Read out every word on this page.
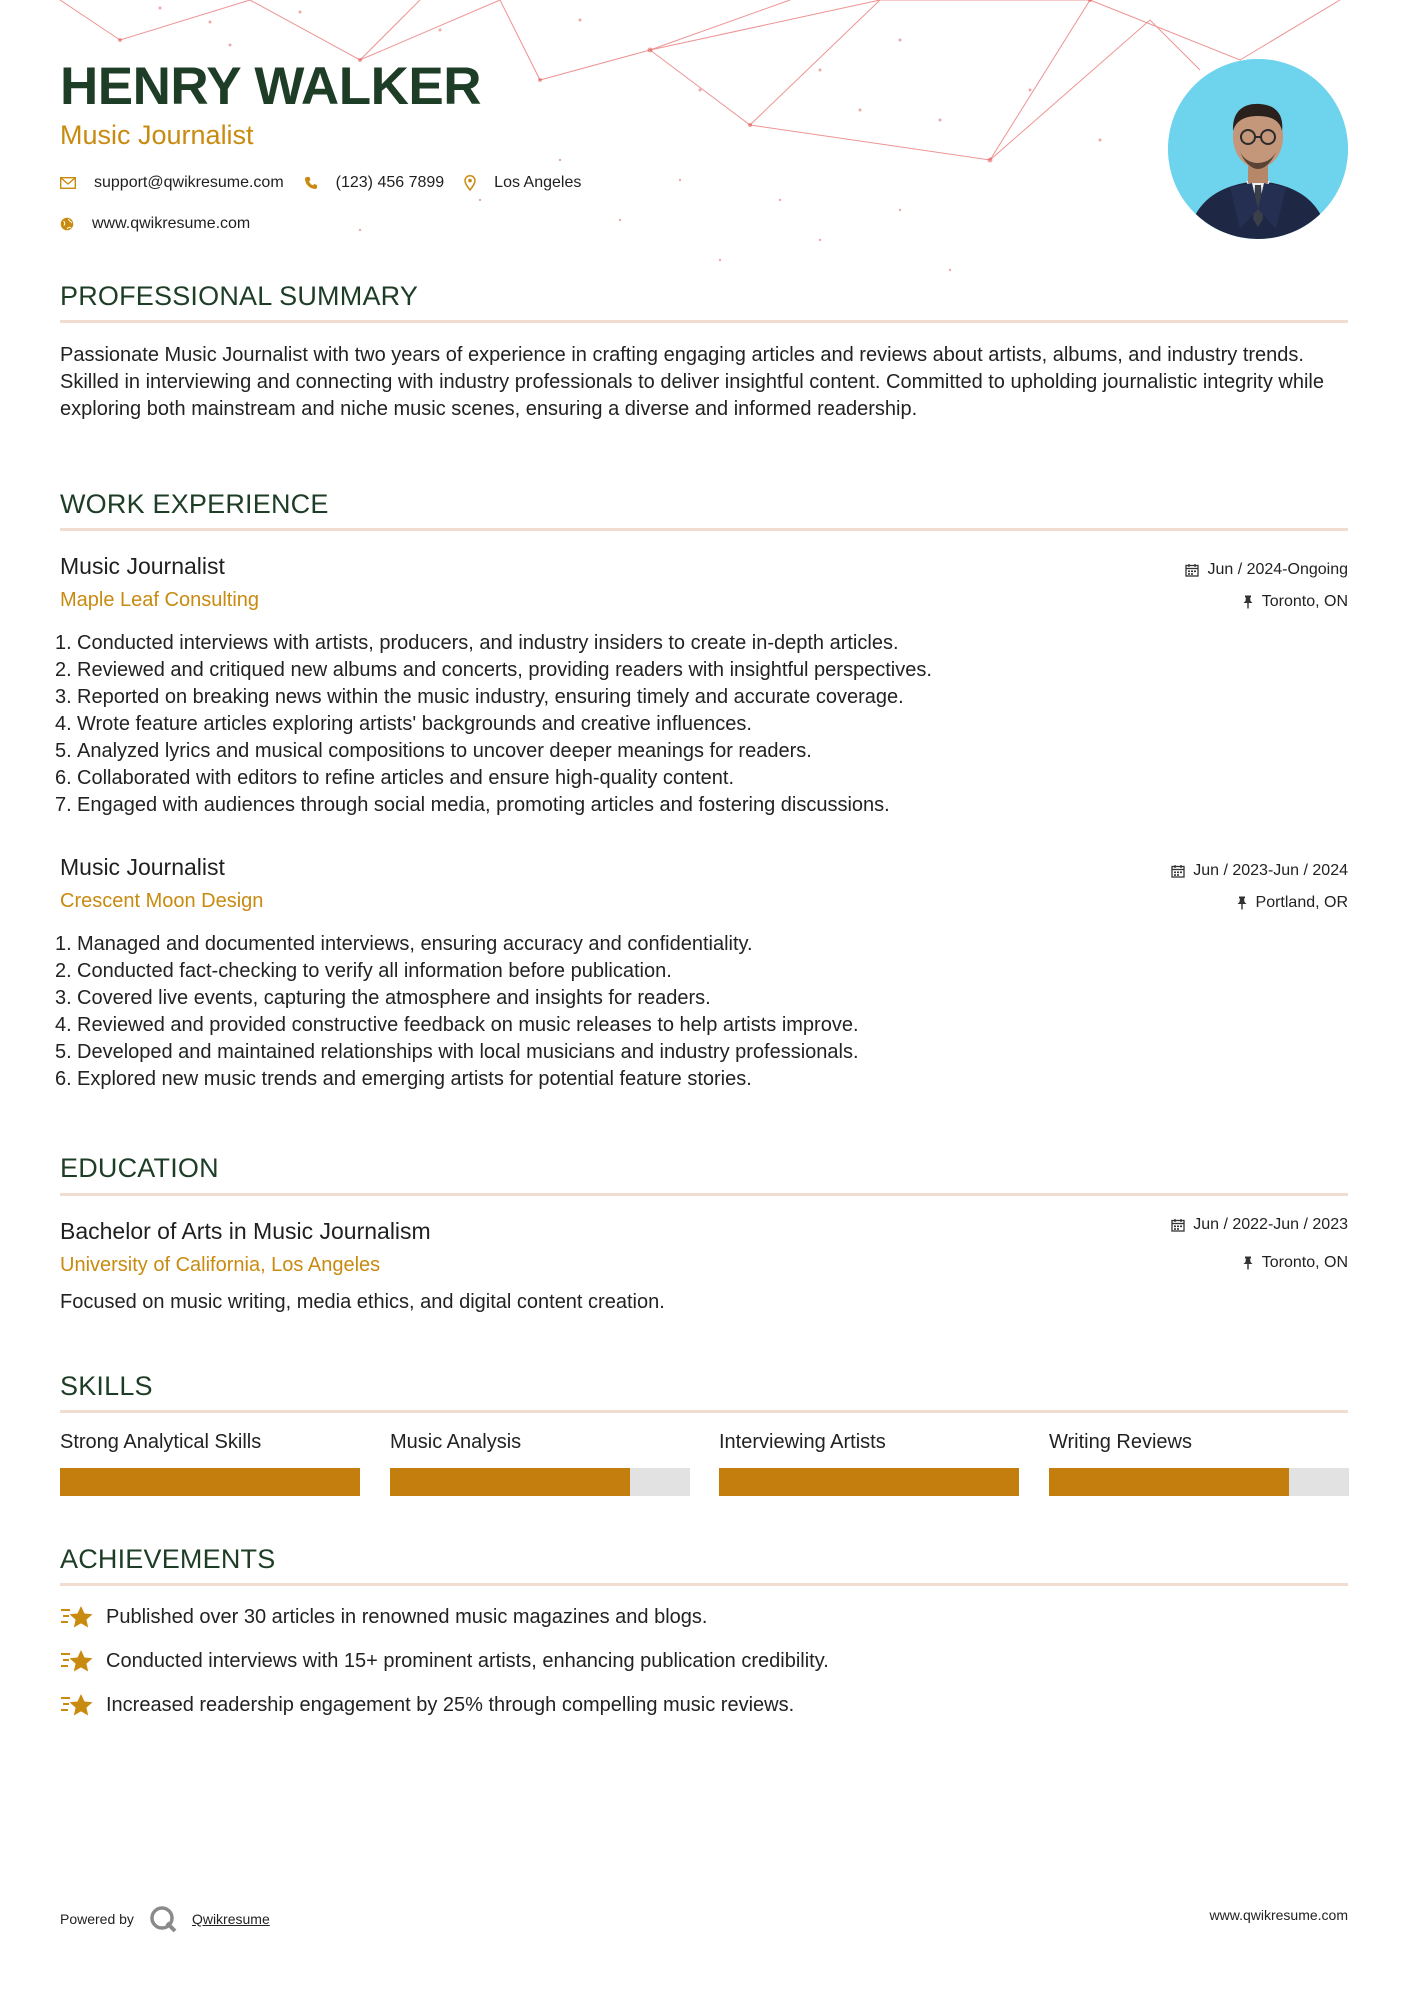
HENRY WALKER
Music Journalist
support@qwikresume.com	(123) 456 7899	Los Angeles
www.qwikresume.com
PROFESSIONAL SUMMARY
Passionate Music Journalist with two years of experience in crafting engaging articles and reviews about artists, albums, and industry trends. Skilled in interviewing and connecting with industry professionals to deliver insightful content. Committed to upholding journalistic integrity while exploring both mainstream and niche music scenes, ensuring a diverse and informed readership.
WORK EXPERIENCE
Music Journalist
Maple Leaf Consulting
Jun / 2024-Ongoing
Toronto, ON
1. Conducted interviews with artists, producers, and industry insiders to create in-depth articles.
2. Reviewed and critiqued new albums and concerts, providing readers with insightful perspectives.
3. Reported on breaking news within the music industry, ensuring timely and accurate coverage.
4. Wrote feature articles exploring artists' backgrounds and creative influences.
5. Analyzed lyrics and musical compositions to uncover deeper meanings for readers.
6. Collaborated with editors to refine articles and ensure high-quality content.
7. Engaged with audiences through social media, promoting articles and fostering discussions.
Music Journalist
Crescent Moon Design
Jun / 2023-Jun / 2024
Portland, OR
1. Managed and documented interviews, ensuring accuracy and confidentiality.
2. Conducted fact-checking to verify all information before publication.
3. Covered live events, capturing the atmosphere and insights for readers.
4. Reviewed and provided constructive feedback on music releases to help artists improve.
5. Developed and maintained relationships with local musicians and industry professionals.
6. Explored new music trends and emerging artists for potential feature stories.
EDUCATION
Bachelor of Arts in Music Journalism
University of California, Los Angeles
Jun / 2022-Jun / 2023
Toronto, ON
Focused on music writing, media ethics, and digital content creation.
SKILLS
Strong Analytical Skills	Music Analysis	Interviewing Artists	Writing Reviews
ACHIEVEMENTS
Published over 30 articles in renowned music magazines and blogs.
Conducted interviews with 15+ prominent artists, enhancing publication credibility.
Increased readership engagement by 25% through compelling music reviews.
Powered by	Qwikresume	www.qwikresume.com
